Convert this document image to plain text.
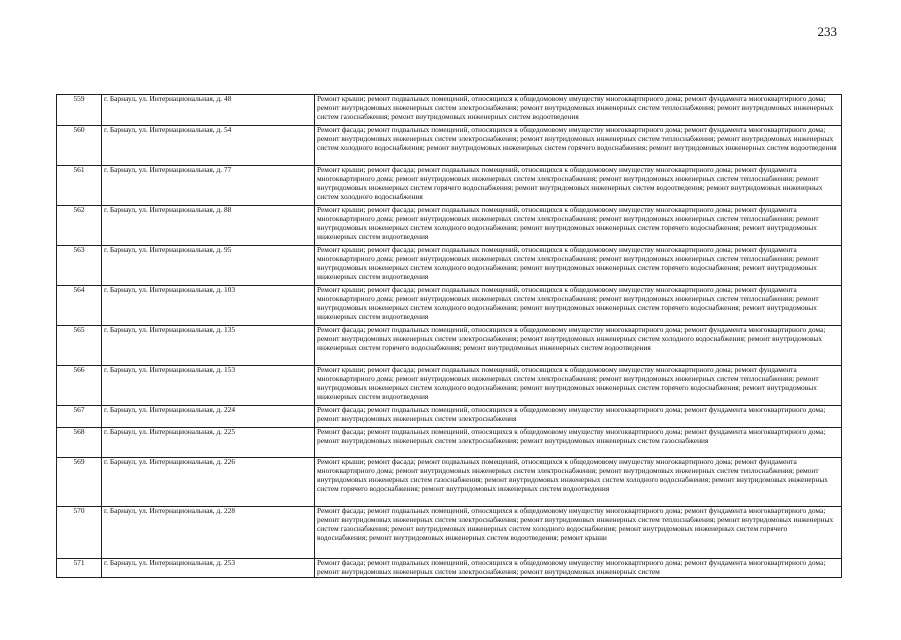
233
559	г. Барнаул, ул. Интернациональная, д. 48	Ремонт крыши; ремонт подвальных помещений, относящихся к общедомовому имуществу многоквартирного дома; ремонт фундамента многоквартирного дома; ремонт внутридомовых инженерных систем электроснабжения; ремонт внутридомовых инженерных систем теплоснабжения; ремонт внутридомовых инженерных систем газоснабжения; ремонт внутридомовых инженерных систем водоотведения

560	г. Барнаул, ул. Интернациональная, д. 54	Ремонт фасада; ремонт подвальных помещений, относящихся к общедомовому имуществу многоквартирного дома; ремонт фундамента многоквартирного дома; ремонт внутридомовых инженерных систем электроснабжения; ремонт внутридомовых инженерных систем теплоснабжения; ремонт внутридомовых инженерных систем холодного водоснабжения; ремонт внутридомовых инженерных систем горячего водоснабжения; ремонт внутридомовых инженерных систем водоотведения

561	г. Барнаул, ул. Интернациональная, д. 77	Ремонт крыши; ремонт фасада; ремонт подвальных помещений, относящихся к общедомовому имуществу многоквартирного дома; ремонт фундамента многоквартирного дома; ремонт внутридомовых инженерных систем электроснабжения; ремонт внутридомовых инженерных систем теплоснабжения; ремонт внутридомовых инженерных систем горячего водоснабжения; ремонт внутридомовых инженерных систем водоотведения; ремонт внутридомовых инженерных систем холодного водоснабжения

562	г. Барнаул, ул. Интернациональная, д. 88	Ремонт крыши; ремонт фасада; ремонт подвальных помещений, относящихся к общедомовому имуществу многоквартирного дома; ремонт фундамента многоквартирного дома; ремонт внутридомовых инженерных систем электроснабжения; ремонт внутридомовых инженерных систем теплоснабжения; ремонт внутридомовых инженерных систем холодного водоснабжения; ремонт внутридомовых инженерных систем горячего водоснабжения; ремонт внутридомовых инженерных систем водоотведения

563	г. Барнаул, ул. Интернациональная, д. 95	Ремонт крыши; ремонт фасада; ремонт подвальных помещений, относящихся к общедомовому имуществу многоквартирного дома; ремонт фундамента многоквартирного дома; ремонт внутридомовых инженерных систем электроснабжения; ремонт внутридомовых инженерных систем теплоснабжения; ремонт внутридомовых инженерных систем холодного водоснабжения; ремонт внутридомовых инженерных систем горячего водоснабжения; ремонт внутридомовых инженерных систем водоотведения

564	г. Барнаул, ул. Интернациональная, д. 103	Ремонт крыши; ремонт фасада; ремонт подвальных помещений, относящихся к общедомовому имуществу многоквартирного дома; ремонт фундамента многоквартирного дома; ремонт внутридомовых инженерных систем электроснабжения; ремонт внутридомовых инженерных систем теплоснабжения; ремонт внутридомовых инженерных систем холодного водоснабжения; ремонт внутридомовых инженерных систем горячего водоснабжения; ремонт внутридомовых инженерных систем водоотведения

565	г. Барнаул, ул. Интернациональная, д. 135	Ремонт фасада; ремонт подвальных помещений, относящихся к общедомовому имуществу многоквартирного дома; ремонт фундамента многоквартирного дома; ремонт внутридомовых инженерных систем электроснабжения; ремонт внутридомовых инженерных систем холодного водоснабжения; ремонт внутридомовых инженерных систем горячего водоснабжения; ремонт внутридомовых инженерных систем водоотведения

566	г. Барнаул, ул. Интернациональная, д. 153	Ремонт крыши; ремонт фасада; ремонт подвальных помещений, относящихся к общедомовому имуществу многоквартирного дома; ремонт фундамента многоквартирного дома; ремонт внутридомовых инженерных систем электроснабжения; ремонт внутридомовых инженерных систем теплоснабжения; ремонт внутридомовых инженерных систем холодного водоснабжения; ремонт внутридомовых инженерных систем горячего водоснабжения; ремонт внутридомовых инженерных систем водоотведения

567	г. Барнаул, ул. Интернациональная, д. 224	Ремонт фасада; ремонт подвальных помещений, относящихся к общедомовому имуществу многоквартирного дома; ремонт фундамента многоквартирного дома; ремонт внутридомовых инженерных систем электроснабжения

568	г. Барнаул, ул. Интернациональная, д. 225	Ремонт фасада; ремонт подвальных помещений, относящихся к общедомовому имуществу многоквартирного дома; ремонт фундамента многоквартирного дома; ремонт внутридомовых инженерных систем электроснабжения; ремонт внутридомовых инженерных систем газоснабжения

569	г. Барнаул, ул. Интернациональная, д. 226	Ремонт крыши; ремонт фасада; ремонт подвальных помещений, относящихся к общедомовому имуществу многоквартирного дома; ремонт фундамента многоквартирного дома; ремонт внутридомовых инженерных систем электроснабжения; ремонт внутридомовых инженерных систем теплоснабжения; ремонт внутридомовых инженерных систем газоснабжения; ремонт внутридомовых инженерных систем холодного водоснабжения; ремонт внутридомовых инженерных систем горячего водоснабжения; ремонт внутридомовых инженерных систем водоотведения

570	г. Барнаул, ул. Интернациональная, д. 228	Ремонт фасада; ремонт подвальных помещений, относящихся к общедомовому имуществу многоквартирного дома; ремонт фундамента многоквартирного дома; ремонт внутридомовых инженерных систем электроснабжения; ремонт внутридомовых инженерных систем теплоснабжения; ремонт внутридомовых инженерных систем газоснабжения; ремонт внутридомовых инженерных систем холодного водоснабжения; ремонт внутридомовых инженерных систем горячего водоснабжения; ремонт внутридомовых инженерных систем водоотведения; ремонт крыши

571	г. Барнаул, ул. Интернациональная, д. 253	Ремонт фасада; ремонт подвальных помещений, относящихся к общедомовому имуществу многоквартирного дома; ремонт фундамента многоквартирного дома; ремонт внутридомовых инженерных систем электроснабжения; ремонт внутридомовых инженерных систем
